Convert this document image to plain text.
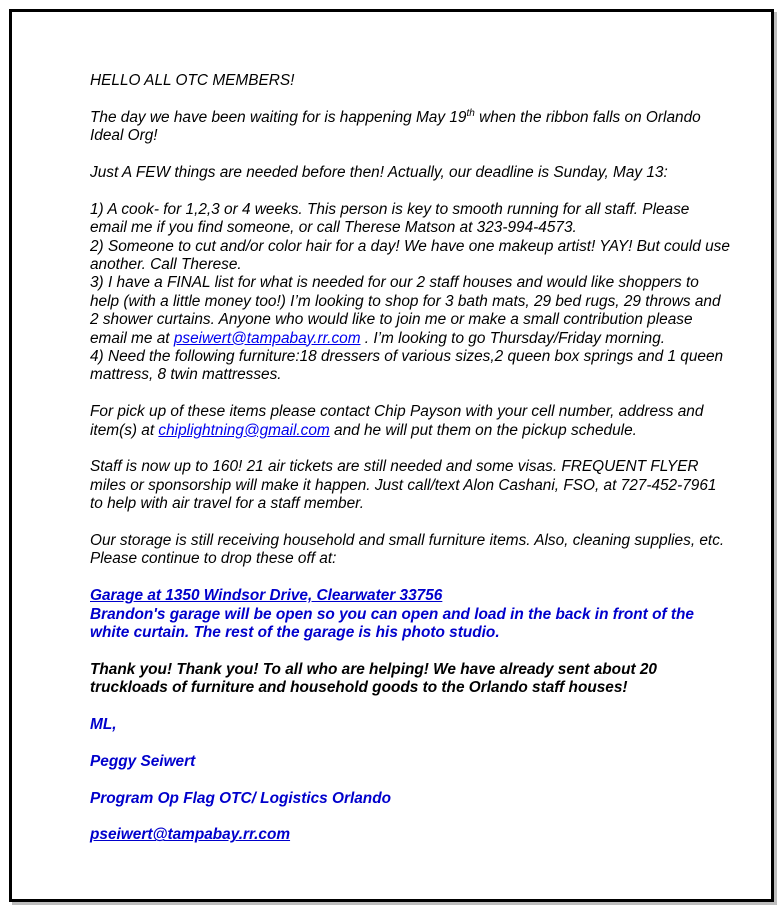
HELLO ALL OTC MEMBERS!

The day we have been waiting for is happening May 19th when the ribbon falls on Orlando Ideal Org!

Just A FEW things are needed before then! Actually, our deadline is Sunday, May 13:

1) A cook- for 1,2,3 or 4 weeks. This person is key to smooth running for all staff. Please email me if you find someone, or call Therese Matson at 323-994-4573.

2) Someone to cut and/or color hair for a day! We have one makeup artist! YAY! But could use another. Call Therese.

3) I have a FINAL list for what is needed for our 2 staff houses and would like shoppers to help (with a little money too!) I’m looking to shop for 3 bath mats, 29 bed rugs, 29 throws and 2 shower curtains. Anyone who would like to join me or make a small contribution please email me at pseiwert@tampabay.rr.com . I’m looking to go Thursday/Friday morning.

4) Need the following furniture:18 dressers of various sizes,2 queen box springs and 1 queen mattress, 8 twin mattresses.

For pick up of these items please contact Chip Payson with your cell number, address and item(s) at chiplightning@gmail.com and he will put them on the pickup schedule.

Staff is now up to 160! 21 air tickets are still needed and some visas. FREQUENT FLYER miles or sponsorship will make it happen. Just call/text Alon Cashani, FSO, at 727-452-7961 to help with air travel for a staff member.

Our storage is still receiving household and small furniture items. Also, cleaning supplies, etc. Please continue to drop these off at:

Garage at 1350 Windsor Drive, Clearwater 33756

Brandon's garage will be open so you can open and load in the back in front of the white curtain. The rest of the garage is his photo studio.

Thank you! Thank you! To all who are helping! We have already sent about 20 truckloads of furniture and household goods to the Orlando staff houses!

ML,

Peggy Seiwert

Program Op Flag OTC/ Logistics Orlando

pseiwert@tampabay.rr.com
